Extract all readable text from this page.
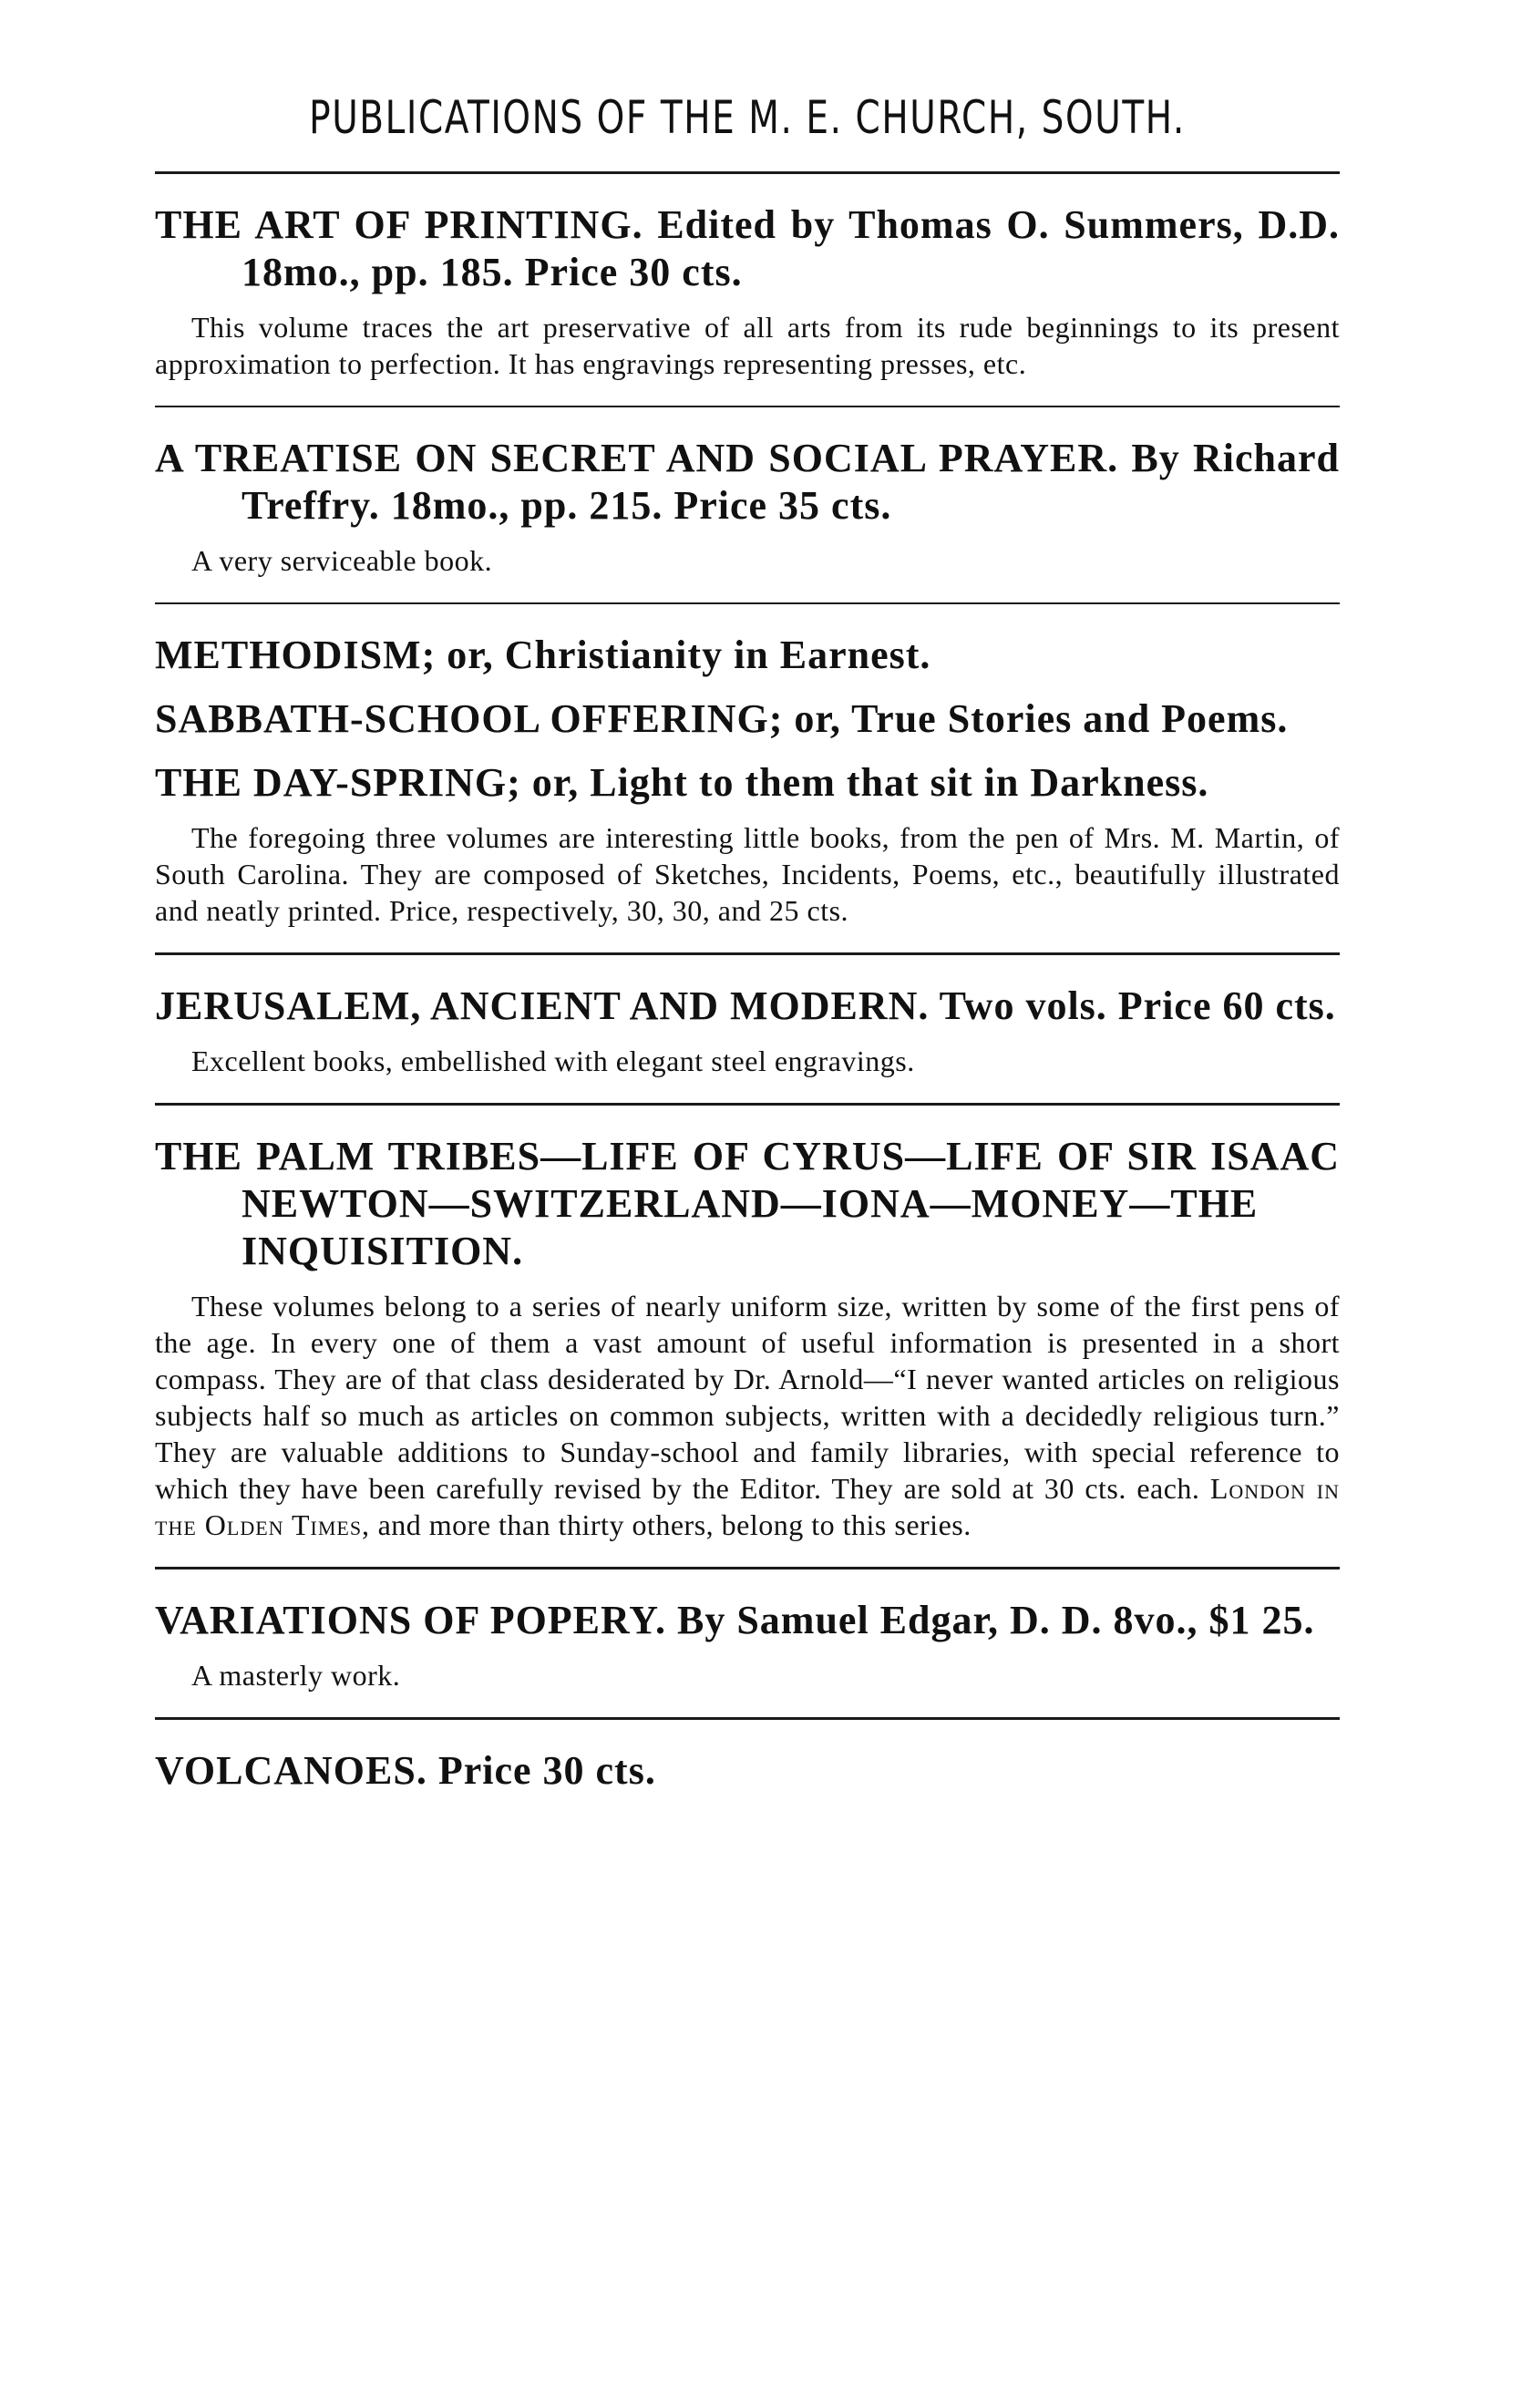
PUBLICATIONS OF THE M. E. CHURCH, SOUTH.

THE ART OF PRINTING. Edited by Thomas O. Summers, D.D. 18mo., pp. 185. Price 30 cts.

This volume traces the art preservative of all arts from its rude beginnings to its present approximation to perfection. It has engravings representing presses, etc.

A TREATISE ON SECRET AND SOCIAL PRAYER. By Richard Treffry. 18mo., pp. 215. Price 35 cts.

A very serviceable book.

METHODISM; or, Christianity in Earnest.

SABBATH-SCHOOL OFFERING; or, True Stories and Poems.

THE DAY-SPRING; or, Light to them that sit in Darkness.

The foregoing three volumes are interesting little books, from the pen of Mrs. M. Martin, of South Carolina. They are composed of Sketches, Incidents, Poems, etc., beautifully illustrated and neatly printed. Price, respectively, 30, 30, and 25 cts.

JERUSALEM, ANCIENT AND MODERN. Two vols. Price 60 cts.

Excellent books, embellished with elegant steel engravings.

THE PALM TRIBES—LIFE OF CYRUS—LIFE OF SIR ISAAC NEWTON—SWITZERLAND—IONA—MONEY—THE INQUISITION.

These volumes belong to a series of nearly uniform size, written by some of the first pens of the age. In every one of them a vast amount of useful information is presented in a short compass. They are of that class desiderated by Dr. Arnold—“I never wanted articles on religious subjects half so much as articles on common subjects, written with a decidedly religious turn.” They are valuable additions to Sunday-school and family libraries, with special reference to which they have been carefully revised by the Editor. They are sold at 30 cts. each. London in the Olden Times, and more than thirty others, belong to this series.

VARIATIONS OF POPERY. By Samuel Edgar, D. D. 8vo., $1 25.

A masterly work.

VOLCANOES. Price 30 cts.
